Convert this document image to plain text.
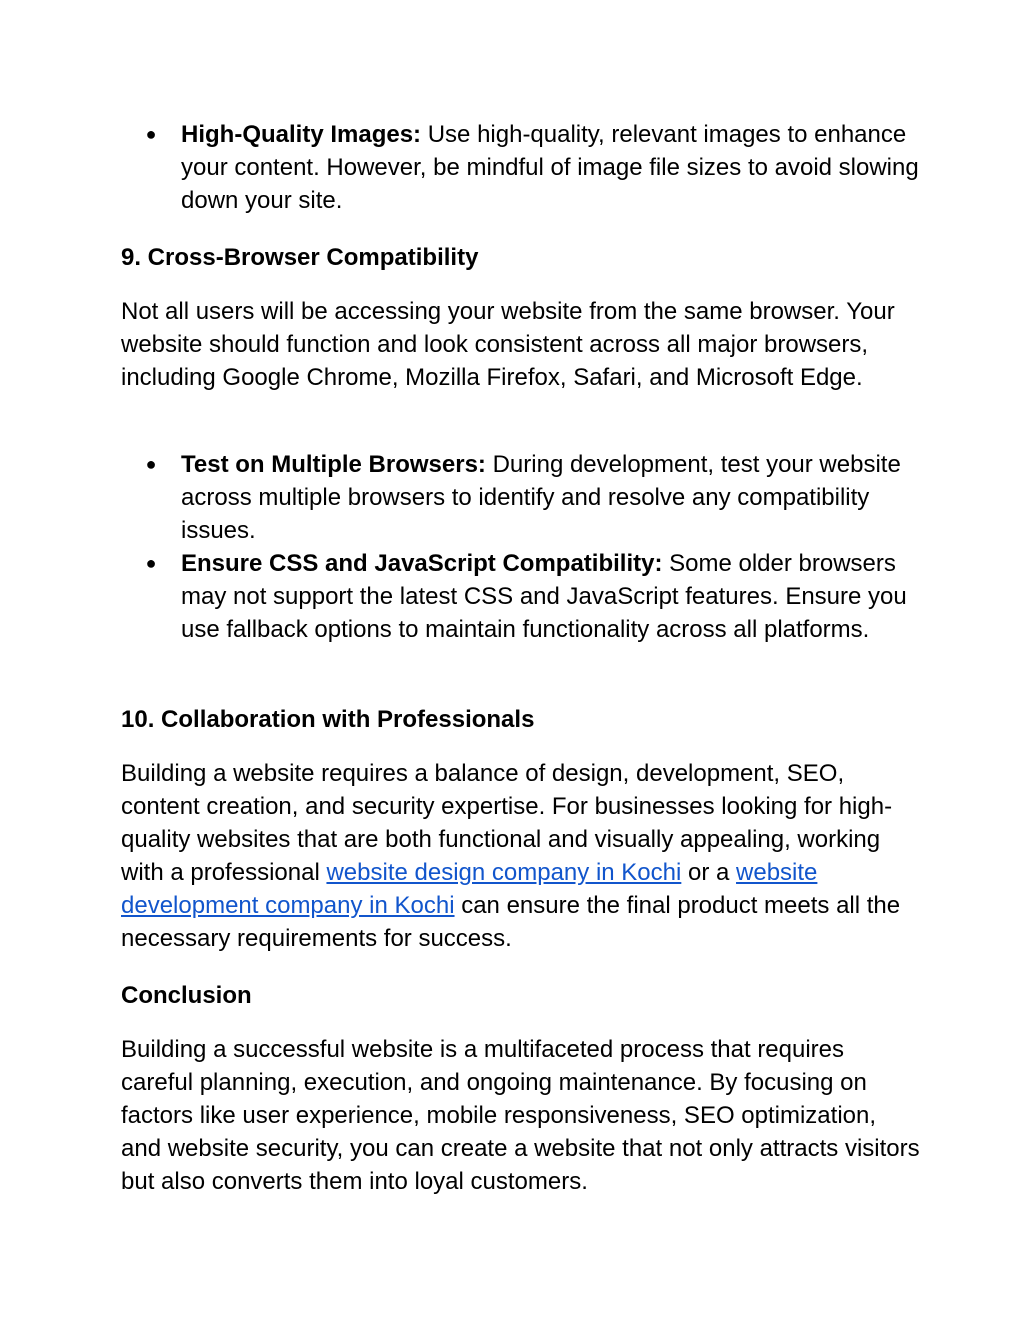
● High-Quality Images: Use high-quality, relevant images to enhance your content. However, be mindful of image file sizes to avoid slowing down your site.
9. Cross-Browser Compatibility
Not all users will be accessing your website from the same browser. Your website should function and look consistent across all major browsers, including Google Chrome, Mozilla Firefox, Safari, and Microsoft Edge.
● Test on Multiple Browsers: During development, test your website across multiple browsers to identify and resolve any compatibility issues.
● Ensure CSS and JavaScript Compatibility: Some older browsers may not support the latest CSS and JavaScript features. Ensure you use fallback options to maintain functionality across all platforms.
10. Collaboration with Professionals
Building a website requires a balance of design, development, SEO, content creation, and security expertise. For businesses looking for high-quality websites that are both functional and visually appealing, working with a professional website design company in Kochi or a website development company in Kochi can ensure the final product meets all the necessary requirements for success.
Conclusion
Building a successful website is a multifaceted process that requires careful planning, execution, and ongoing maintenance. By focusing on factors like user experience, mobile responsiveness, SEO optimization, and website security, you can create a website that not only attracts visitors but also converts them into loyal customers.
